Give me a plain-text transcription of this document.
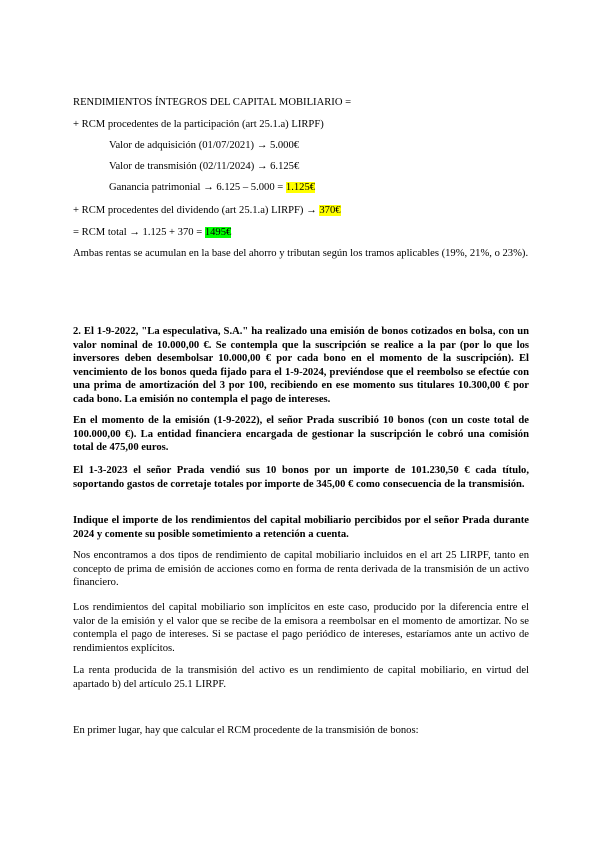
RENDIMIENTOS ÍNTEGROS DEL CAPITAL MOBILIARIO =
+ RCM procedentes de la participación (art 25.1.a) LIRPF)
Valor de adquisición (01/07/2021) → 5.000€
Valor de transmisión (02/11/2024) → 6.125€
Ganancia patrimonial → 6.125 – 5.000 = 1.125€
+ RCM procedentes del dividendo (art 25.1.a) LIRPF) → 370€
= RCM total → 1.125 + 370 = 1495€
Ambas rentas se acumulan en la base del ahorro y tributan según los tramos aplicables (19%, 21%, o 23%).
2. El 1-9-2022, "La especulativa, S.A." ha realizado una emisión de bonos cotizados en bolsa, con un valor nominal de 10.000,00 €. Se contempla que la suscripción se realice a la par (por lo que los inversores deben desembolsar 10.000,00 € por cada bono en el momento de la suscripción). El vencimiento de los bonos queda fijado para el 1-9-2024, previéndose que el reembolso se efectúe con una prima de amortización del 3 por 100, recibiendo en ese momento sus titulares 10.300,00 € por cada bono. La emisión no contempla el pago de intereses.
En el momento de la emisión (1-9-2022), el señor Prada suscribió 10 bonos (con un coste total de 100.000,00 €). La entidad financiera encargada de gestionar la suscripción le cobró una comisión total de 475,00 euros.
El 1-3-2023 el señor Prada vendió sus 10 bonos por un importe de 101.230,50 € cada título, soportando gastos de corretaje totales por importe de 345,00 € como consecuencia de la transmisión.
Indique el importe de los rendimientos del capital mobiliario percibidos por el señor Prada durante 2024 y comente su posible sometimiento a retención a cuenta.
Nos encontramos a dos tipos de rendimiento de capital mobiliario incluidos en el art 25 LIRPF, tanto en concepto de prima de emisión de acciones como en forma de renta derivada de la transmisión de un activo financiero.
Los rendimientos del capital mobiliario son implícitos en este caso, producido por la diferencia entre el valor de la emisión y el valor que se recibe de la emisora a reembolsar en el momento de amortizar. No se contempla el pago de intereses. Si se pactase el pago periódico de intereses, estaríamos ante un activo de rendimientos explícitos.
La renta producida de la transmisión del activo es un rendimiento de capital mobiliario, en virtud del apartado b) del artículo 25.1 LIRPF.
En primer lugar, hay que calcular el RCM procedente de la transmisión de bonos:
